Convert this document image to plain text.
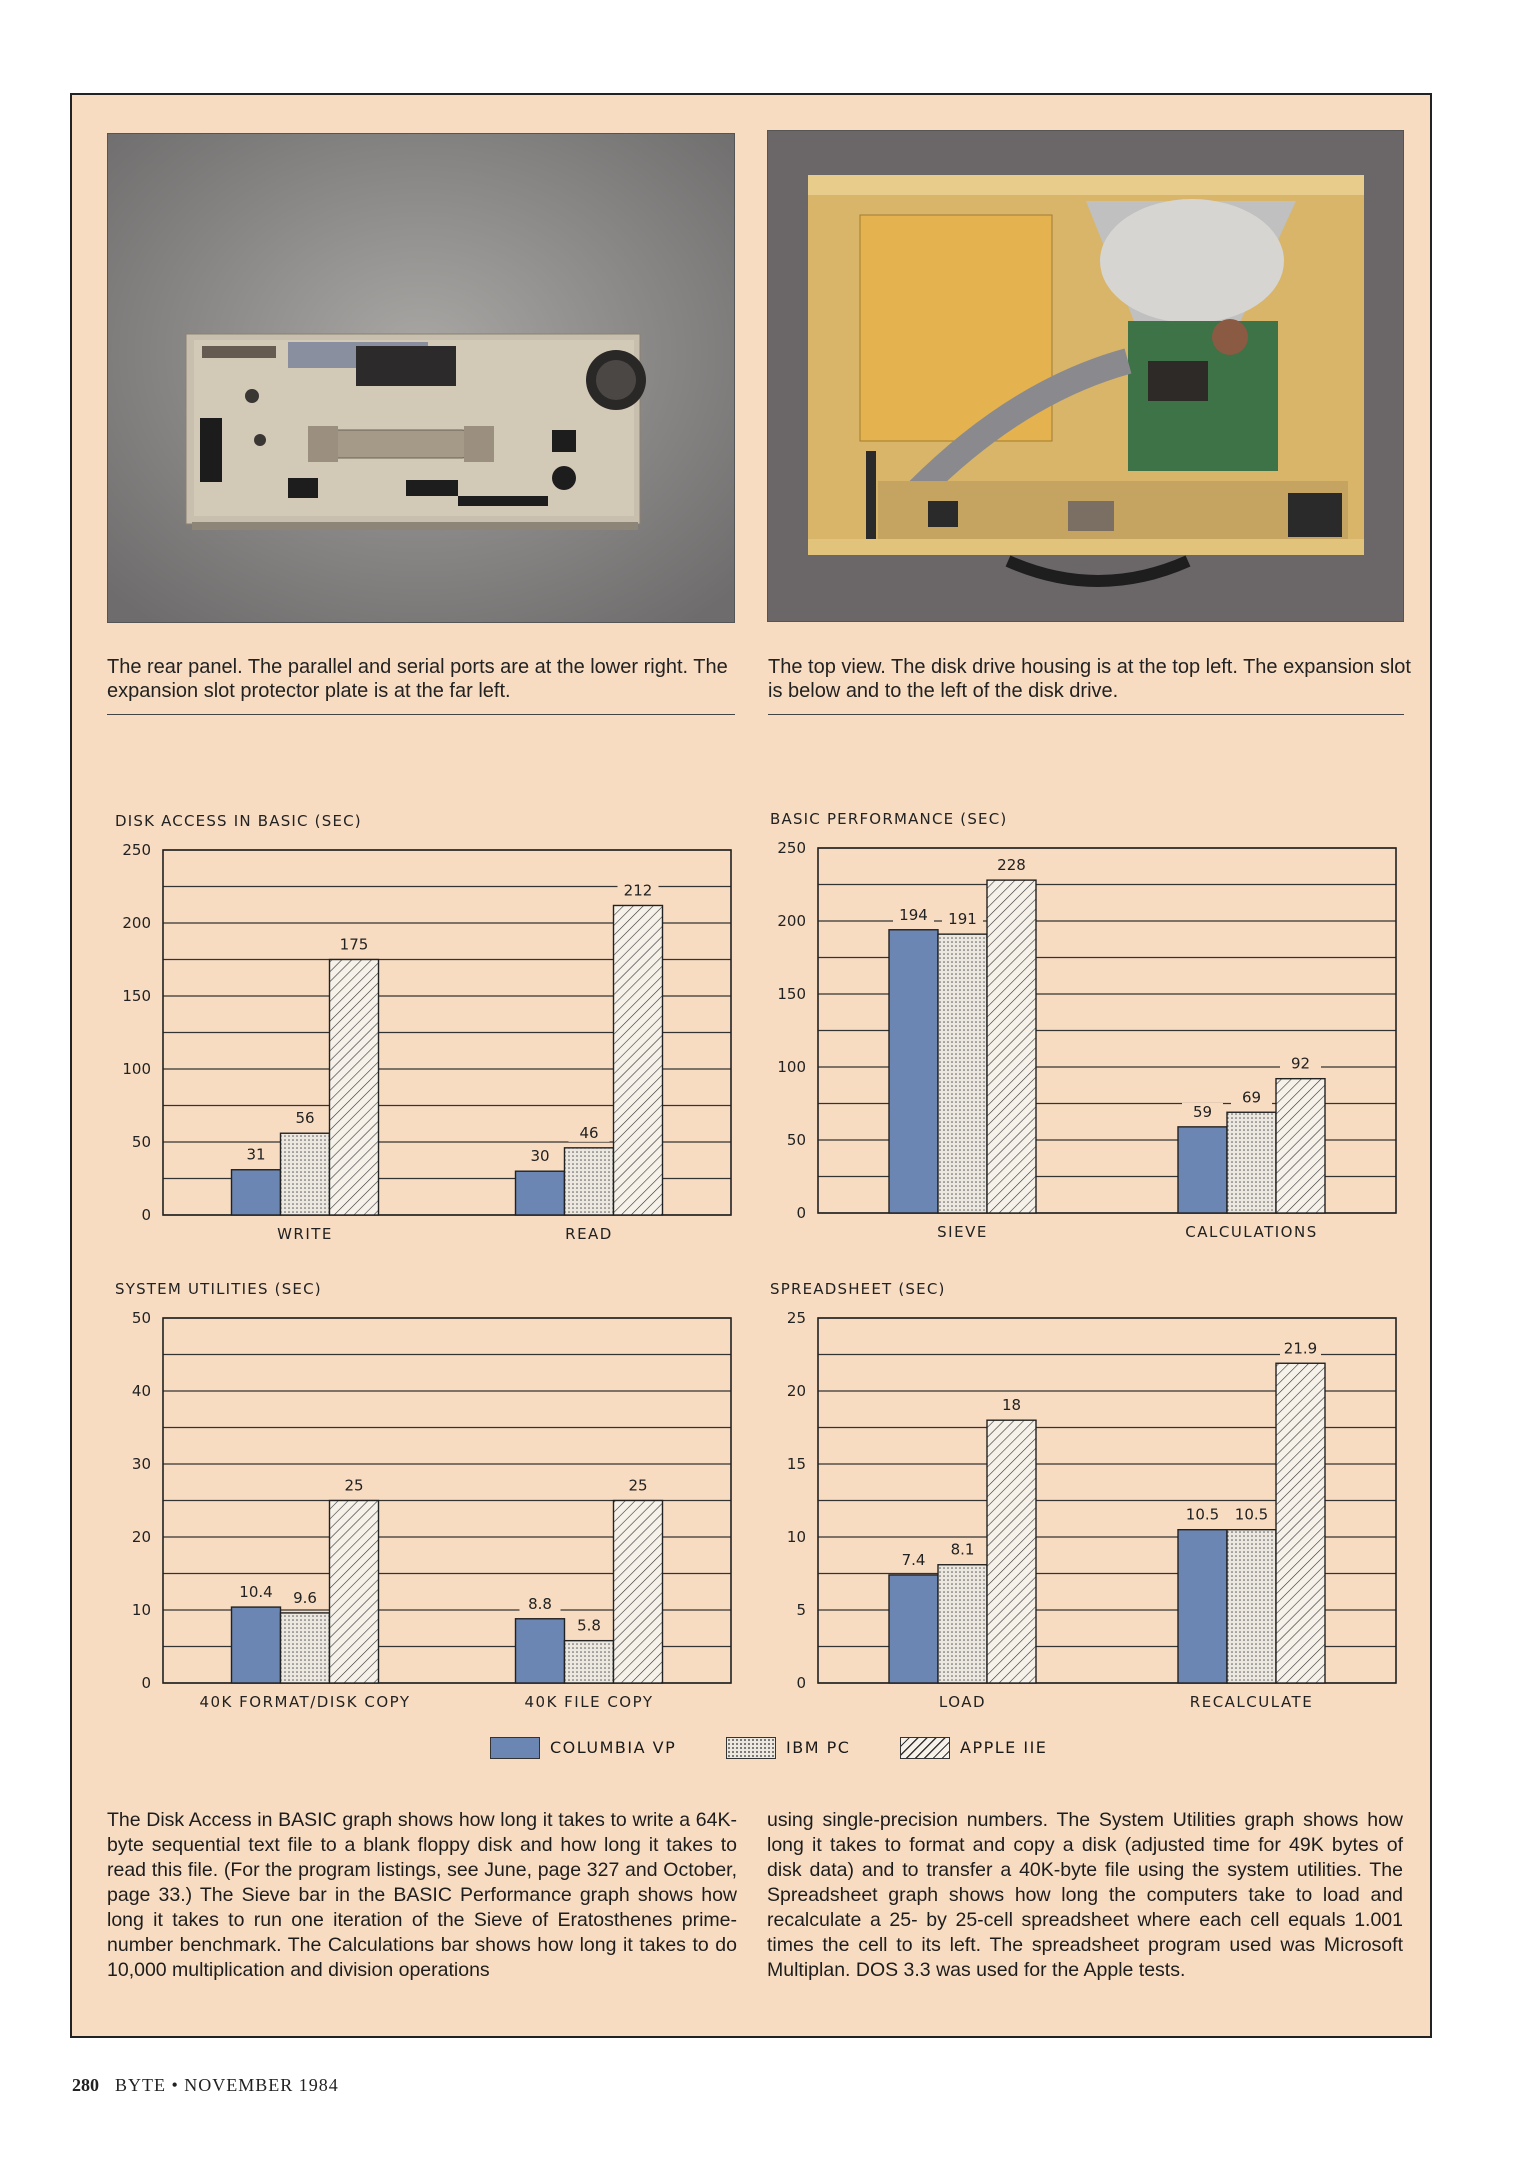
The rear panel. The parallel and serial ports are at the lower right. The expansion slot protector plate is at the far left.
The top view. The disk drive housing is at the top left. The expansion slot is below and to the left of the disk drive.
DISK ACCESS IN BASIC (SEC)
0
50
100
150
200
250
31
56
175
WRITE
30
46
212
READ
BASIC PERFORMANCE (SEC)
0
50
100
150
200
250
194 191
228
SIEVE
59
69
92
CALCULATIONS
SYSTEM UTILITIES (SEC)
0
10
20
30
40
50
10.4 9.6
25
40K FORMAT/DISK COPY
8.8
5.8
25
40K FILE COPY
SPREADSHEET (SEC)
0
5
10
15
20
25
7.4
8.1
18
LOAD
10.5 10.5
21.9
RECALCULATE
COLUMBIA VP	IBM PC	APPLE IIE

The Disk Access in BASIC graph shows how long it takes to write a 64K-byte sequential text file to a blank floppy disk and how long it takes to read this file. (For the program listings, see June, page 327 and October, page 33.) The Sieve bar in the BASIC Performance graph shows how long it takes to run one iteration of the Sieve of Eratosthenes prime-number benchmark. The Calculations bar shows how long it takes to do 10,000 multiplication and division operations

using single-precision numbers. The System Utilities graph shows how long it takes to format and copy a disk (adjusted time for 49K bytes of disk data) and to transfer a 40K-byte file using the system utilities. The Spreadsheet graph shows how long the computers take to load and recalculate a 25- by 25-cell spreadsheet where each cell equals 1.001 times the cell to its left. The spreadsheet program used was Microsoft Multiplan. DOS 3.3 was used for the Apple tests.

280 BYTE • NOVEMBER 1984
